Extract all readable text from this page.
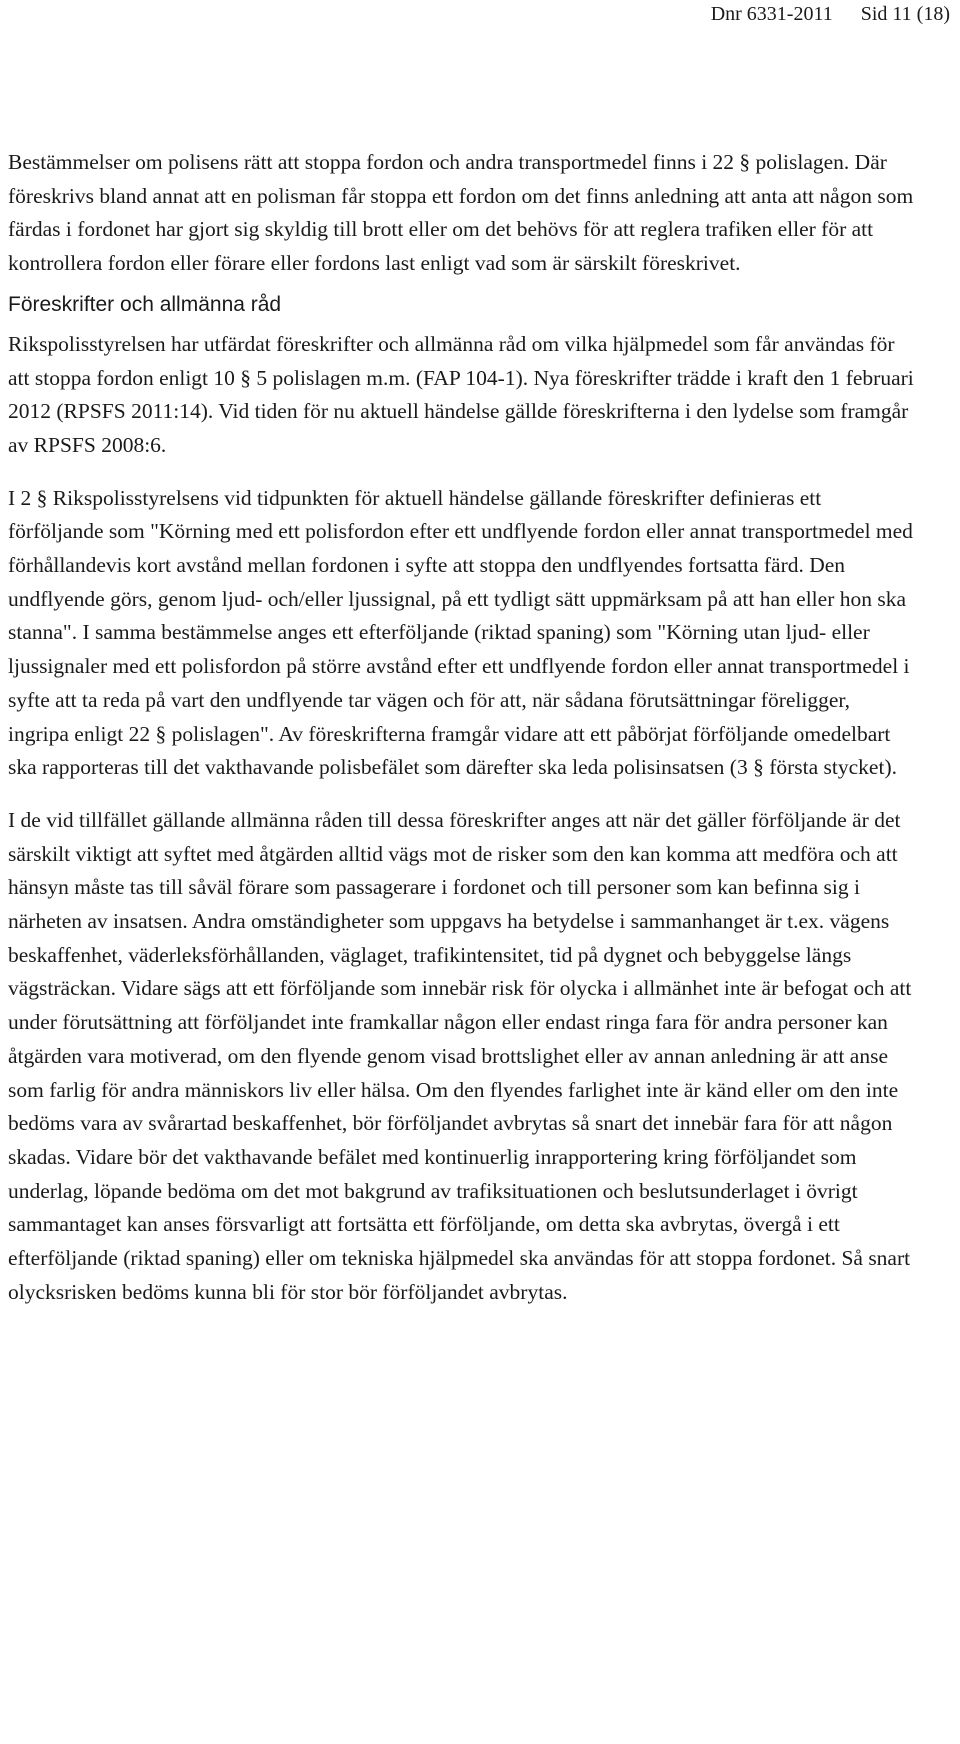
Dnr 6331-2011 Sid 11 (18)

Bestämmelser om polisens rätt att stoppa fordon och andra transportmedel finns i 22 § polislagen. Där föreskrivs bland annat att en polisman får stoppa ett fordon om det finns anledning att anta att någon som färdas i fordonet har gjort sig skyldig till brott eller om det behövs för att reglera trafiken eller för att kontrollera fordon eller förare eller fordons last enligt vad som är särskilt föreskrivet.

Föreskrifter och allmänna råd

Rikspolisstyrelsen har utfärdat föreskrifter och allmänna råd om vilka hjälpmedel som får användas för att stoppa fordon enligt 10 § 5 polislagen m.m. (FAP 104-1). Nya föreskrifter trädde i kraft den 1 februari 2012 (RPSFS 2011:14). Vid tiden för nu aktuell händelse gällde föreskrifterna i den lydelse som framgår av RPSFS 2008:6.

I 2 § Rikspolisstyrelsens vid tidpunkten för aktuell händelse gällande föreskrifter definieras ett förföljande som "Körning med ett polisfordon efter ett undflyende fordon eller annat transportmedel med förhållandevis kort avstånd mellan fordonen i syfte att stoppa den undflyendes fortsatta färd. Den undflyende görs, genom ljud- och/eller ljussignal, på ett tydligt sätt uppmärksam på att han eller hon ska stanna". I samma bestämmelse anges ett efterföljande (riktad spaning) som "Körning utan ljud- eller ljussignaler med ett polisfordon på större avstånd efter ett undflyende fordon eller annat transportmedel i syfte att ta reda på vart den undflyende tar vägen och för att, när sådana förutsättningar föreligger, ingripa enligt 22 § polislagen". Av föreskrifterna framgår vidare att ett påbörjat förföljande omedelbart ska rapporteras till det vakthavande polisbefälet som därefter ska leda polisinsatsen (3 § första stycket).

I de vid tillfället gällande allmänna råden till dessa föreskrifter anges att när det gäller förföljande är det särskilt viktigt att syftet med åtgärden alltid vägs mot de risker som den kan komma att medföra och att hänsyn måste tas till såväl förare som passagerare i fordonet och till personer som kan befinna sig i närheten av insatsen. Andra omständigheter som uppgavs ha betydelse i sammanhanget är t.ex. vägens beskaffenhet, väderleksförhållanden, väglaget, trafikintensitet, tid på dygnet och bebyggelse längs vägsträckan. Vidare sägs att ett förföljande som innebär risk för olycka i allmänhet inte är befogat och att under förutsättning att förföljandet inte framkallar någon eller endast ringa fara för andra personer kan åtgärden vara motiverad, om den flyende genom visad brottslighet eller av annan anledning är att anse som farlig för andra människors liv eller hälsa. Om den flyendes farlighet inte är känd eller om den inte bedöms vara av svårartad beskaffenhet, bör förföljandet avbrytas så snart det innebär fara för att någon skadas. Vidare bör det vakthavande befälet med kontinuerlig inrapportering kring förföljandet som underlag, löpande bedöma om det mot bakgrund av trafiksituationen och beslutsunderlaget i övrigt sammantaget kan anses försvarligt att fortsätta ett förföljande, om detta ska avbrytas, övergå i ett efterföljande (riktad spaning) eller om tekniska hjälpmedel ska användas för att stoppa fordonet. Så snart olycksrisken bedöms kunna bli för stor bör förföljandet avbrytas.
